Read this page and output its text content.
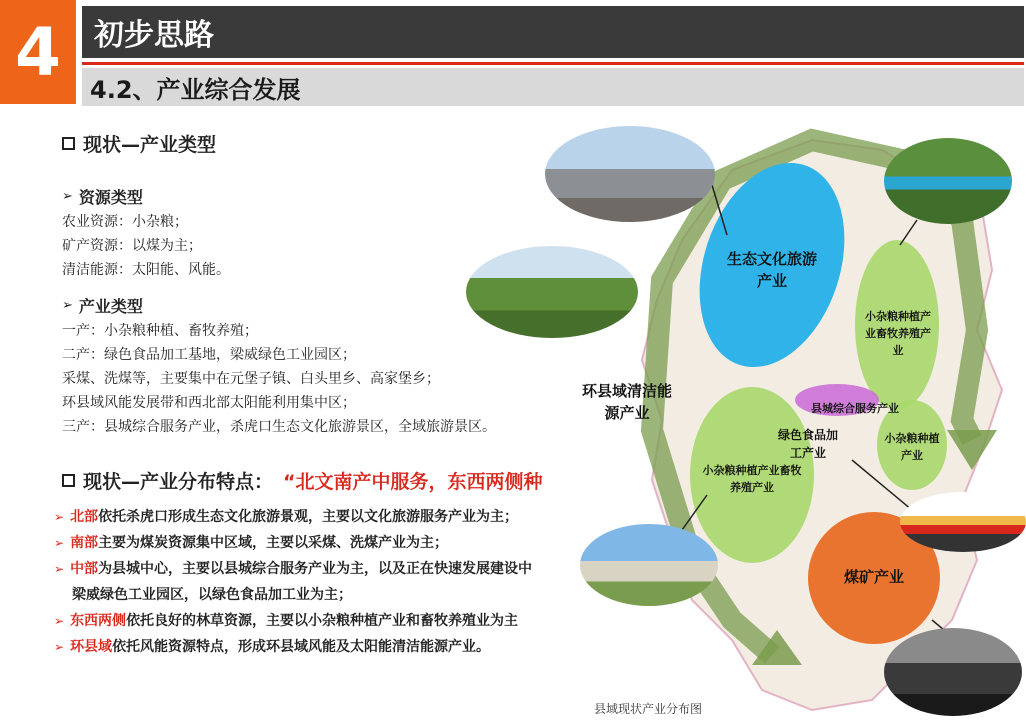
4	初步思路
4.2、产业综合发展
现状—产业类型
➢ 资源类型
农业资源：小杂粮；
矿产资源：以煤为主；
清洁能源：太阳能、风能。
➢ 产业类型
一产：小杂粮种植、畜牧养殖；
二产：绿色食品加工基地，梁威绿色工业园区；
采煤、洗煤等，主要集中在元堡子镇、白头里乡、高家堡乡；
环县域风能发展带和西北部太阳能利用集中区；
三产：县城综合服务产业，杀虎口生态文化旅游景区，全域旅游景区。
现状—产业分布特点： “北文南产中服务，东西两侧种
➢ 北部 依托杀虎口形成生态文化旅游景观，主要以文化旅游服务产业为主；
➢ 南部 主要为煤炭资源集中区域，主要以采煤、洗煤产业为主；
➢ 中部 为县城中心，主要以县城综合服务产业为主，以及正在快速发展建设中
梁威绿色工业园区，以绿色食品加工业为主；
➢ 东西两侧 依托良好的林草资源，主要以小杂粮种植产业和畜牧养殖业为主
➢ 环县域 依托风能资源特点，形成环县域风能及太阳能清洁能源产业。
生态文化旅游产业
环县域清洁能源产业
小杂粮种植产业畜牧养殖产业
县城综合服务产业
绿色食品加工产业
小杂粮种植产业
小杂粮种植产业畜牧养殖产业
煤矿产业
县域现状产业分布图
